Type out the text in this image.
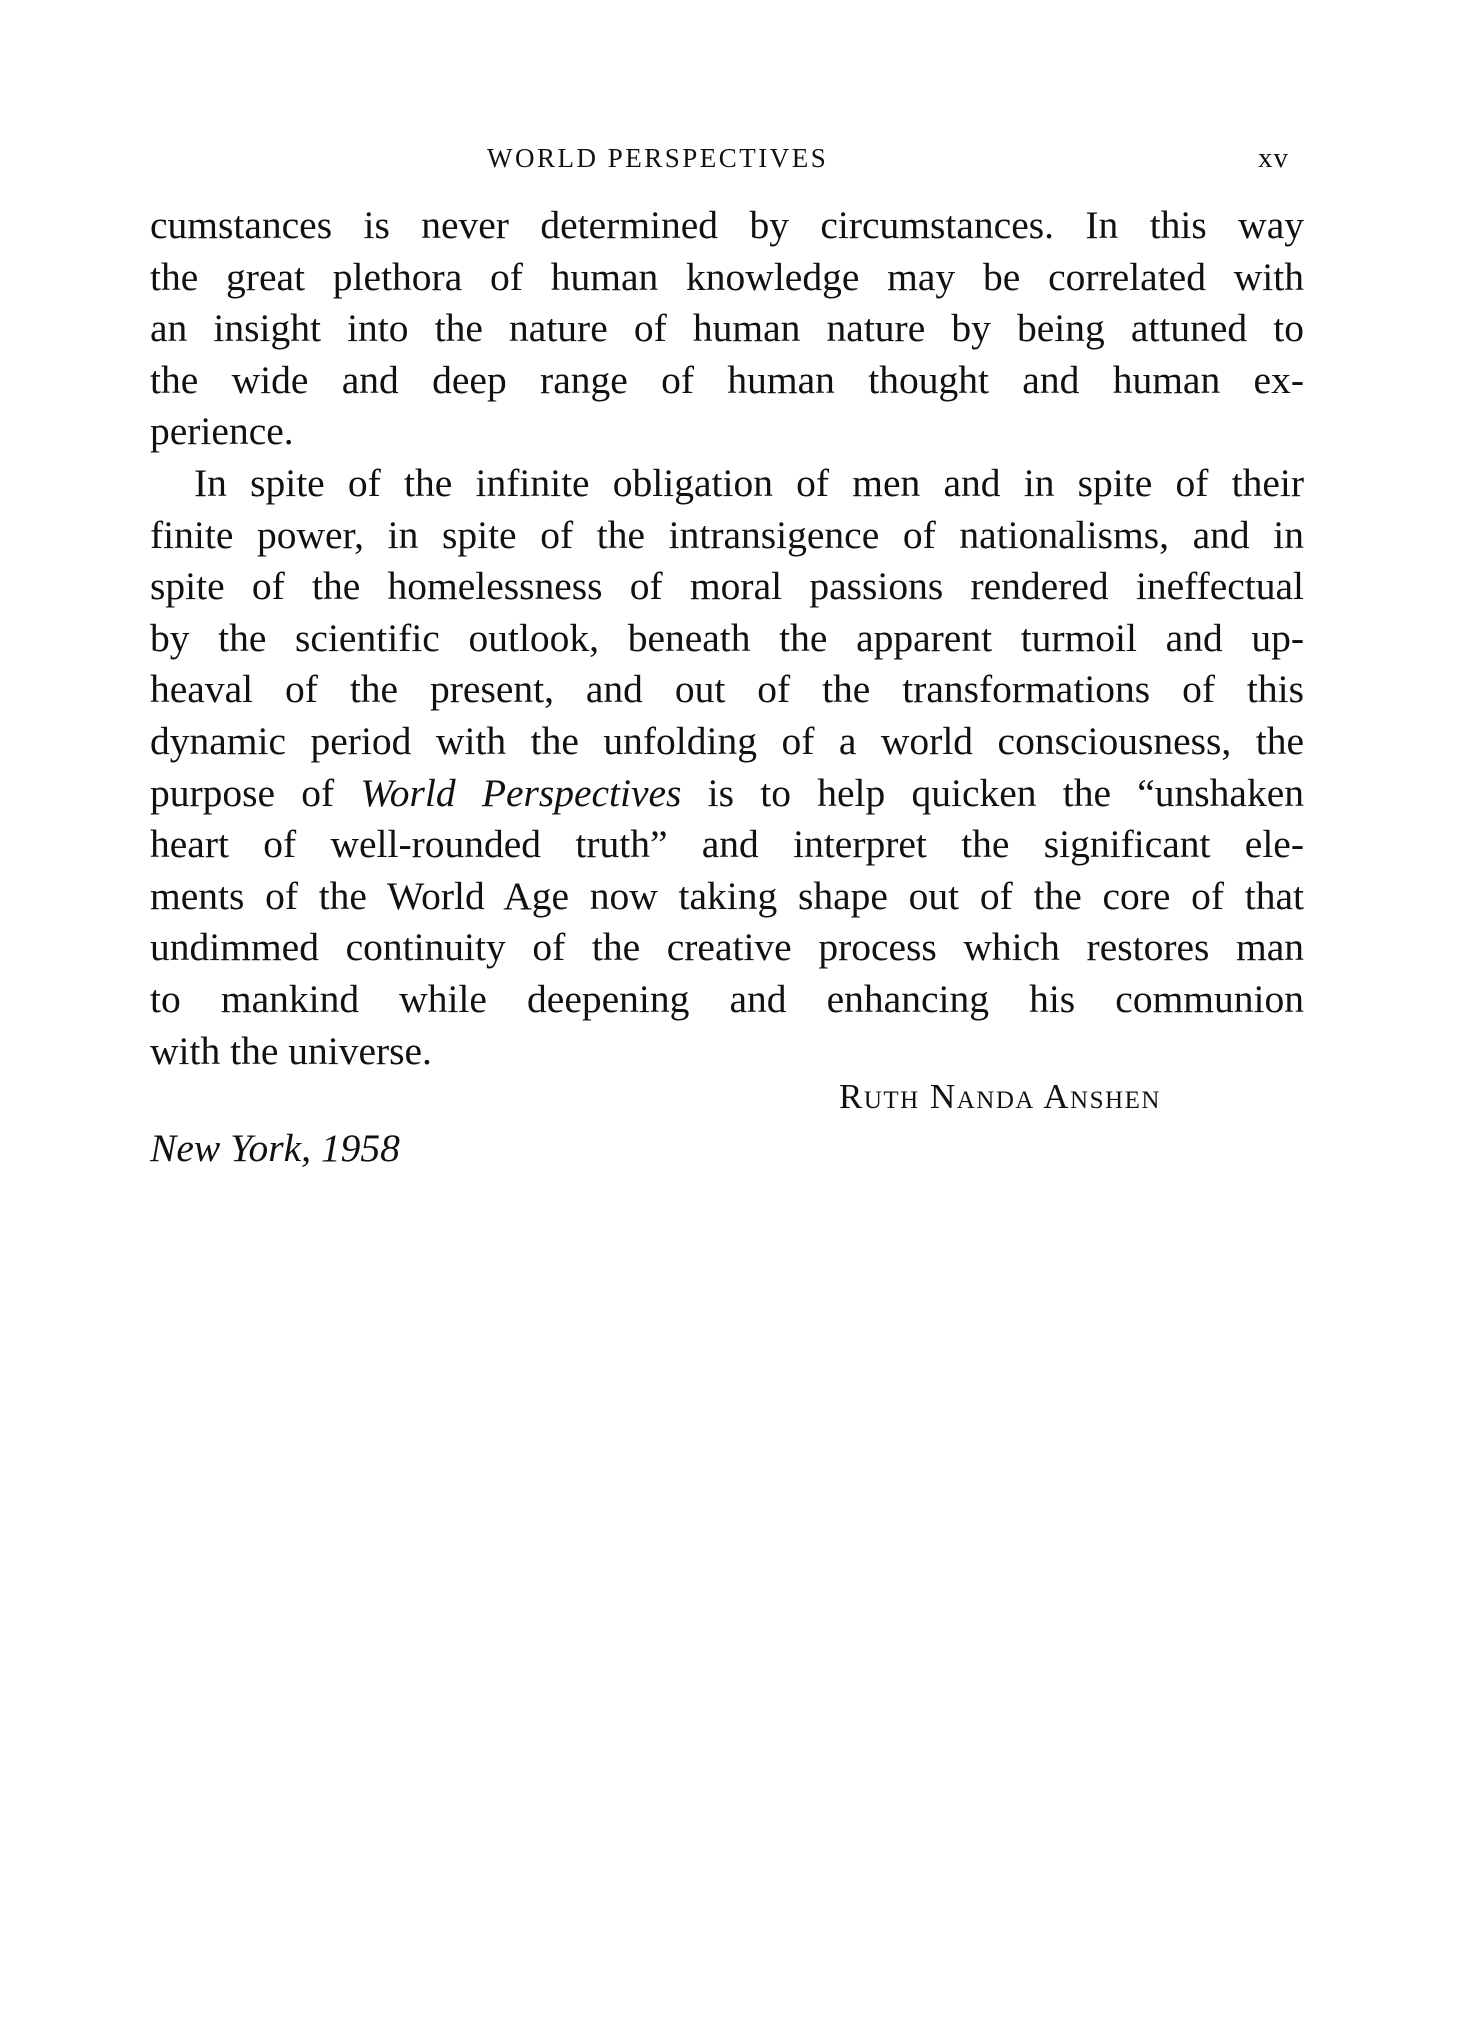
WORLD PERSPECTIVES	xv
cumstances is never determined by circumstances. In this way
the great plethora of human knowledge may be correlated with
an insight into the nature of human nature by being attuned to
the wide and deep range of human thought and human ex-
perience.
In spite of the infinite obligation of men and in spite of their
finite power, in spite of the intransigence of nationalisms, and in
spite of the homelessness of moral passions rendered ineffectual
by the scientific outlook, beneath the apparent turmoil and up-
heaval of the present, and out of the transformations of this
dynamic period with the unfolding of a world consciousness, the
purpose of World Perspectives is to help quicken the “unshaken
heart of well-rounded truth” and interpret the significant ele-
ments of the World Age now taking shape out of the core of that
undimmed continuity of the creative process which restores man
to mankind while deepening and enhancing his communion
with the universe.
Ruth Nanda Anshen
New York, 1958
